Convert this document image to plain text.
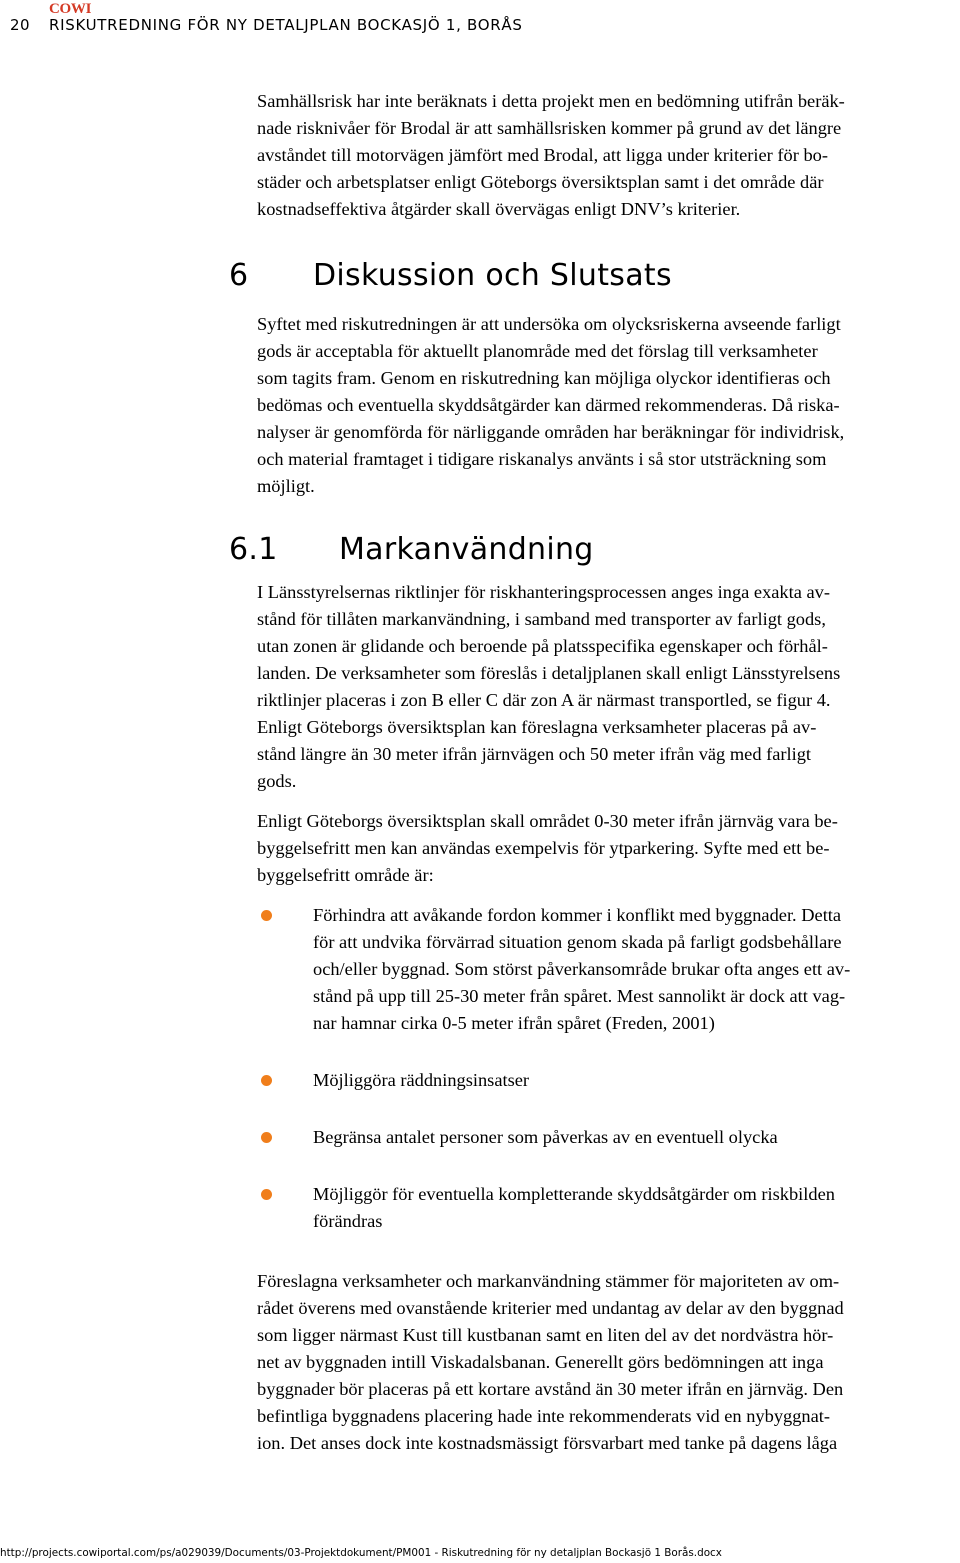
20
COWI
RISKUTREDNING FÖR NY DETALJPLAN BOCKASJÖ 1, BORÅS

Samhällsrisk har inte beräknats i detta projekt men en bedömning utifrån beräk-

nade risknivåer för Brodal är att samhällsrisken kommer på grund av det längre

avståndet till motorvägen jämfört med Brodal, att ligga under kriterier för bo-

städer och arbetsplatser enligt Göteborgs översiktsplan samt i det område där

kostnadseffektiva åtgärder skall övervägas enligt DNV’s kriterier.

6 Diskussion och Slutsats

Syftet med riskutredningen är att undersöka om olycksriskerna avseende farligt

gods är acceptabla för aktuellt planområde med det förslag till verksamheter

som tagits fram. Genom en riskutredning kan möjliga olyckor identifieras och

bedömas och eventuella skyddsåtgärder kan därmed rekommenderas. Då riska-

nalyser är genomförda för närliggande områden har beräkningar för individrisk,

och material framtaget i tidigare riskanalys använts i så stor utsträckning som

möjligt.

6.1 Markanvändning

I Länsstyrelsernas riktlinjer för riskhanteringsprocessen anges inga exakta av-

stånd för tillåten markanvändning, i samband med transporter av farligt gods,

utan zonen är glidande och beroende på platsspecifika egenskaper och förhål-

landen. De verksamheter som föreslås i detaljplanen skall enligt Länsstyrelsens

riktlinjer placeras i zon B eller C där zon A är närmast transportled, se figur 4.

Enligt Göteborgs översiktsplan kan föreslagna verksamheter placeras på av-

stånd längre än 30 meter ifrån järnvägen och 50 meter ifrån väg med farligt

gods.

Enligt Göteborgs översiktsplan skall området 0-30 meter ifrån järnväg vara be-

byggelsefritt men kan användas exempelvis för ytparkering. Syfte med ett be-

byggelsefritt område är:

Förhindra att avåkande fordon kommer i konflikt med byggnader. Detta
för att undvika förvärrad situation genom skada på farligt godsbehållare
och/eller byggnad. Som störst påverkansområde brukar ofta anges ett av-
stånd på upp till 25-30 meter från spåret. Mest sannolikt är dock att vag-
nar hamnar cirka 0-5 meter ifrån spåret (Freden, 2001)
Möjliggöra räddningsinsatser
Begränsa antalet personer som påverkas av en eventuell olycka
Möjliggör för eventuella kompletterande skyddsåtgärder om riskbilden
förändras

Föreslagna verksamheter och markanvändning stämmer för majoriteten av om-

rådet överens med ovanstående kriterier med undantag av delar av den byggnad

som ligger närmast Kust till kustbanan samt en liten del av det nordvästra hör-

net av byggnaden intill Viskadalsbanan. Generellt görs bedömningen att inga

byggnader bör placeras på ett kortare avstånd än 30 meter ifrån en järnväg. Den

befintliga byggnadens placering hade inte rekommenderats vid en nybyggnat-

ion. Det anses dock inte kostnadsmässigt försvarbart med tanke på dagens låga

http://projects.cowiportal.com/ps/a029039/Documents/03-Projektdokument/PM001 - Riskutredning för ny detaljplan Bockasjö 1 Borås.docx
